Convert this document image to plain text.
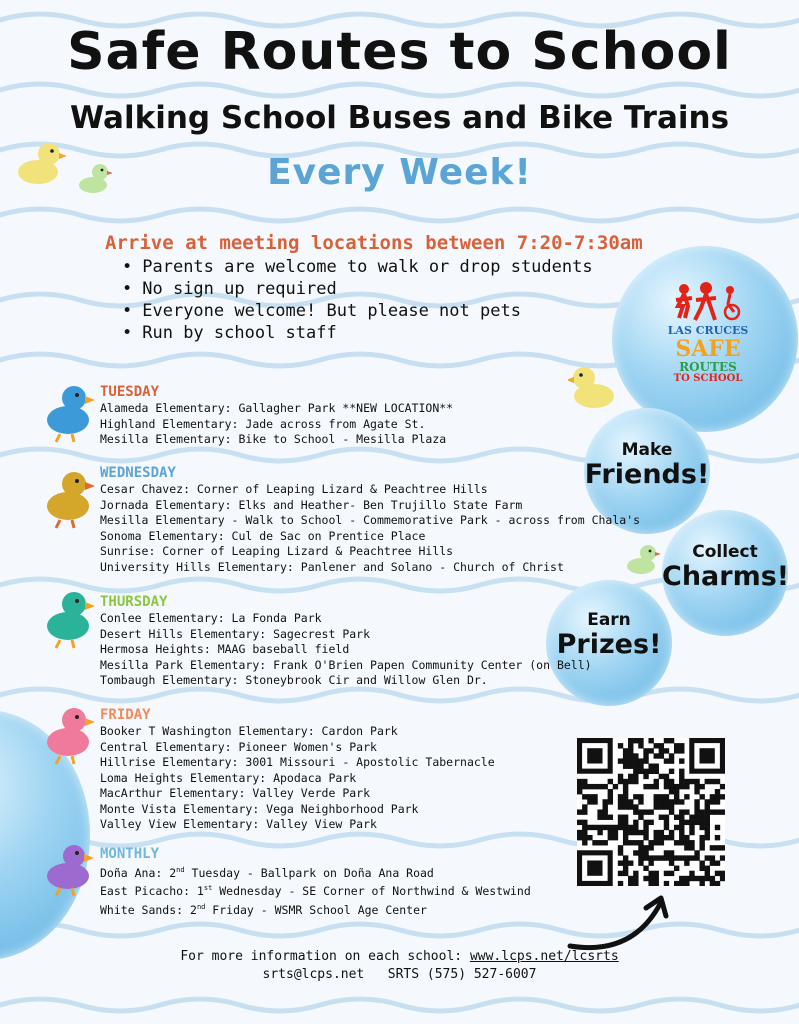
Safe Routes to School
Walking School Buses and Bike Trains
Every Week!
Arrive at meeting locations between 7:20-7:30am
• Parents are welcome to walk or drop students
• No sign up required
• Everyone welcome! But please not pets
• Run by school staff	LAS CRUCES
SAFE
ROUTES
TO SCHOOL
Make
Friends!
Collect
Charms!
Earn
Prizes!
TUESDAY
Alameda Elementary: Gallagher Park **NEW LOCATION**
Highland Elementary: Jade across from Agate St.
Mesilla Elementary: Bike to School - Mesilla Plaza
WEDNESDAY
Cesar Chavez: Corner of Leaping Lizard & Peachtree Hills
Jornada Elementary: Elks and Heather- Ben Trujillo State Farm
Mesilla Elementary - Walk to School - Commemorative Park - across from Chala's
Sonoma Elementary: Cul de Sac on Prentice Place
Sunrise: Corner of Leaping Lizard & Peachtree Hills
University Hills Elementary: Panlener and Solano - Church of Christ
THURSDAY
Conlee Elementary: La Fonda Park
Desert Hills Elementary: Sagecrest Park
Hermosa Heights: MAAG baseball field
Mesilla Park Elementary: Frank O'Brien Papen Community Center (on Bell)
Tombaugh Elementary: Stoneybrook Cir and Willow Glen Dr.
FRIDAY
Booker T Washington Elementary: Cardon Park
Central Elementary: Pioneer Women's Park
Hillrise Elementary: 3001 Missouri - Apostolic Tabernacle
Loma Heights Elementary: Apodaca Park
MacArthur Elementary: Valley Verde Park
Monte Vista Elementary: Vega Neighborhood Park
Valley View Elementary: Valley View Park
MONTHLY
Doña Ana: 2nd Tuesday - Ballpark on Doña Ana Road
East Picacho: 1st Wednesday - SE Corner of Northwind & Westwind
White Sands: 2nd Friday - WSMR School Age Center
For more information on each school: www.lcps.net/lcsrts
srts@lcps.net SRTS (575) 527-6007
